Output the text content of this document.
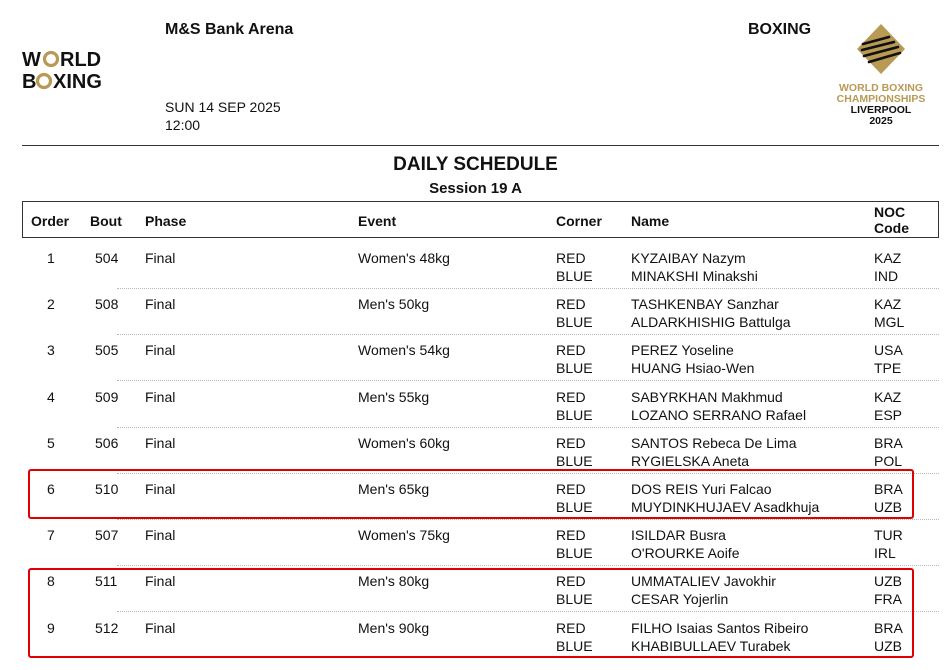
W RLD
B XING
M&S Bank Arena	BOXING
SUN 14 SEP 2025
12:00
WORLD BOXING
CHAMPIONSHIPS
LIVERPOOL
2025
DAILY SCHEDULE
Session 19 A
Order Bout Phase	Event	Corner Name
NOC
Code
1	504 Final	Women's 48kg	RED	KYZAIBAY Nazym	KAZ
BLUE	MINAKSHI Minakshi	IND
2	508 Final	Men's 50kg	RED	TASHKENBAY Sanzhar	KAZ
BLUE	ALDARKHISHIG Battulga	MGL
3	505 Final	Women's 54kg	RED	PEREZ Yoseline	USA
BLUE	HUANG Hsiao-Wen	TPE
4	509 Final	Men's 55kg	RED	SABYRKHAN Makhmud	KAZ
BLUE	LOZANO SERRANO Rafael	ESP
5	506 Final	Women's 60kg	RED	SANTOS Rebeca De Lima	BRA
BLUE	RYGIELSKA Aneta	POL
6	510 Final	Men's 65kg	RED	DOS REIS Yuri Falcao	BRA
BLUE	MUYDINKHUJAEV Asadkhuja	UZB
7	507 Final	Women's 75kg	RED	ISILDAR Busra	TUR
BLUE	O'ROURKE Aoife	IRL
8	511 Final	Men's 80kg	RED	UMMATALIEV Javokhir	UZB
BLUE	CESAR Yojerlin	FRA
9	512 Final	Men's 90kg	RED	FILHO Isaias Santos Ribeiro	BRA
BLUE	KHABIBULLAEV Turabek	UZB
